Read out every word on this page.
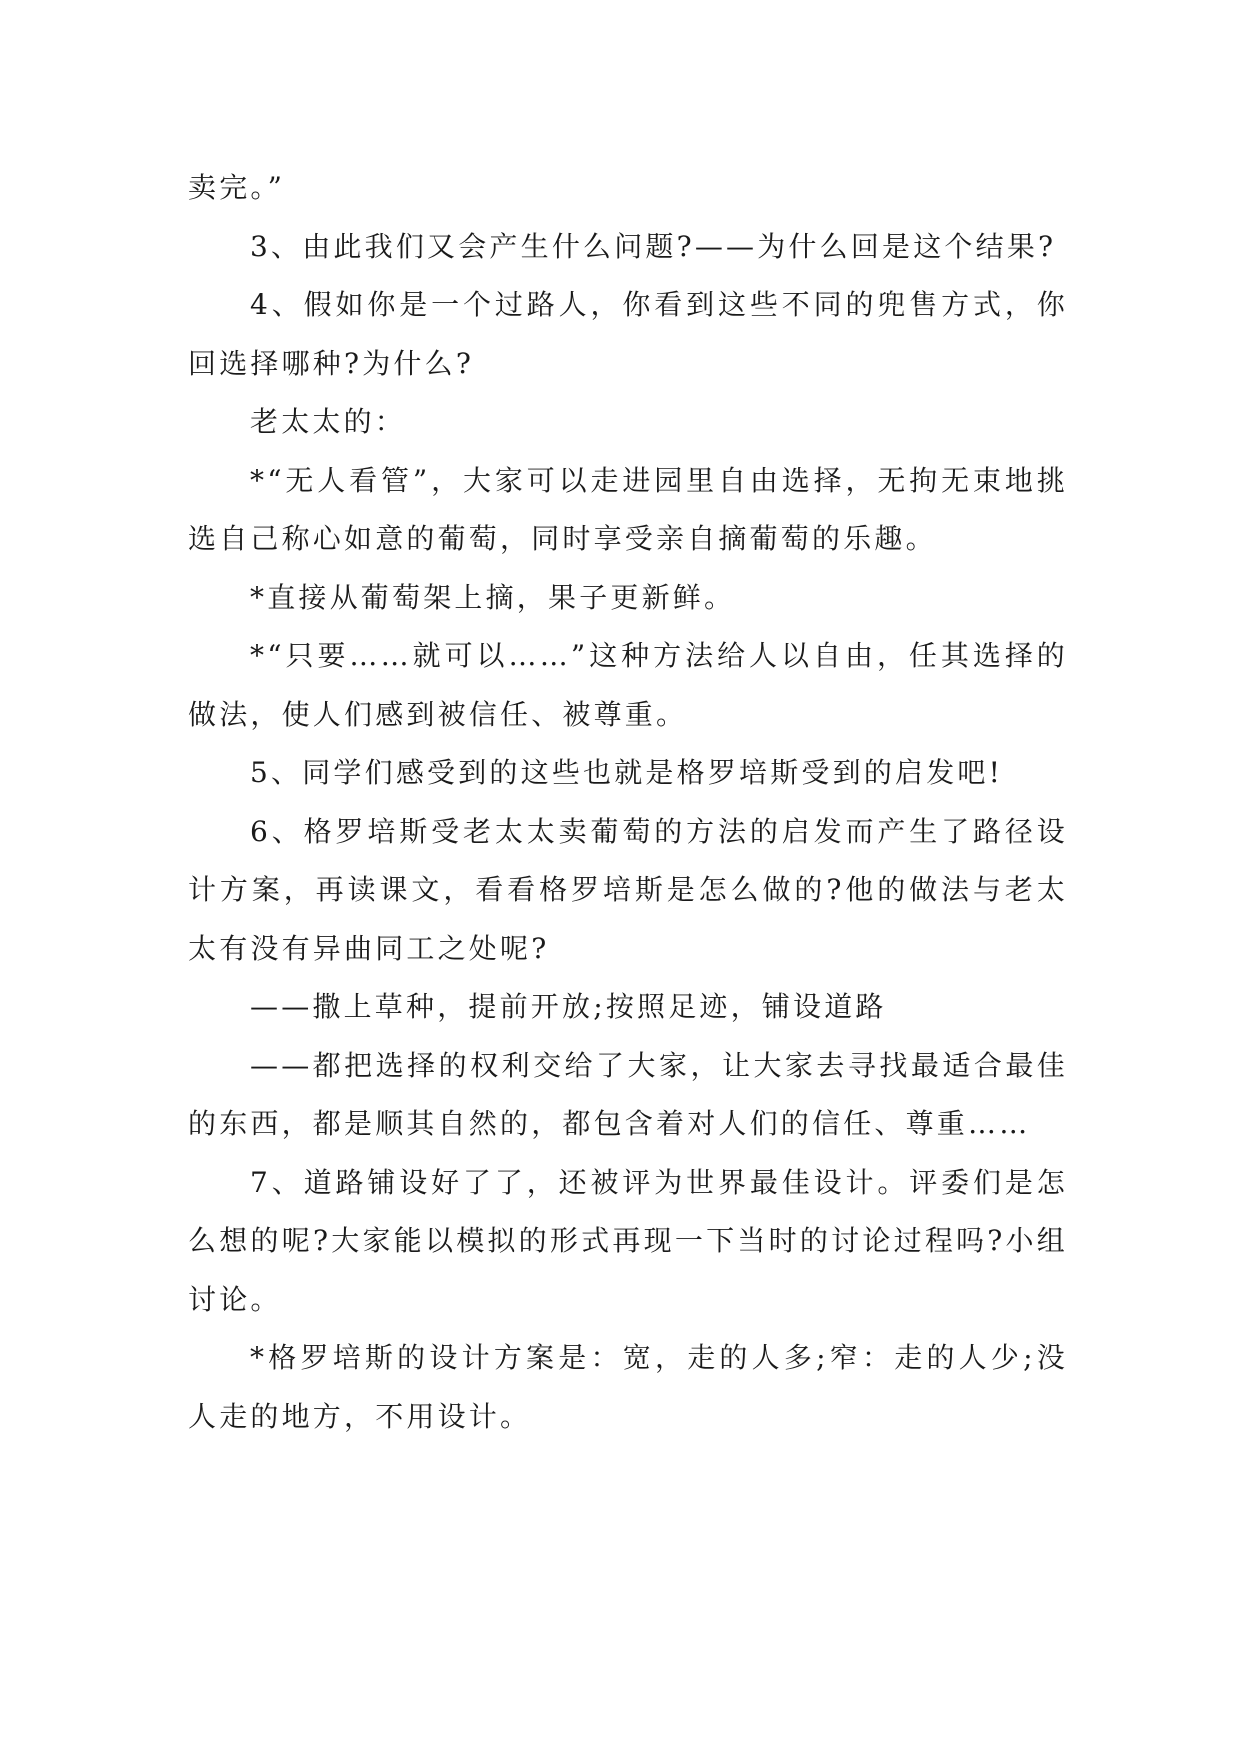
卖完。”

3、由此我们又会产生什么问题?——为什么回是这个结果?

4、假如你是一个过路人，你看到这些不同的兜售方式，你回选择哪种?为什么?

老太太的：

*“无人看管”，大家可以走进园里自由选择，无拘无束地挑选自己称心如意的葡萄，同时享受亲自摘葡萄的乐趣。

*直接从葡萄架上摘，果子更新鲜。

*“只要……就可以……”这种方法给人以自由，任其选择的做法，使人们感到被信任、被尊重。

5、同学们感受到的这些也就是格罗培斯受到的启发吧!

6、格罗培斯受老太太卖葡萄的方法的启发而产生了路径设计方案，再读课文，看看格罗培斯是怎么做的?他的做法与老太太有没有异曲同工之处呢?

——撒上草种，提前开放;按照足迹，铺设道路

——都把选择的权利交给了大家，让大家去寻找最适合最佳的东西，都是顺其自然的，都包含着对人们的信任、尊重……

7、道路铺设好了了，还被评为世界最佳设计。评委们是怎么想的呢?大家能以模拟的形式再现一下当时的讨论过程吗?小组讨论。

*格罗培斯的设计方案是：宽，走的人多;窄：走的人少;没人走的地方，不用设计。
